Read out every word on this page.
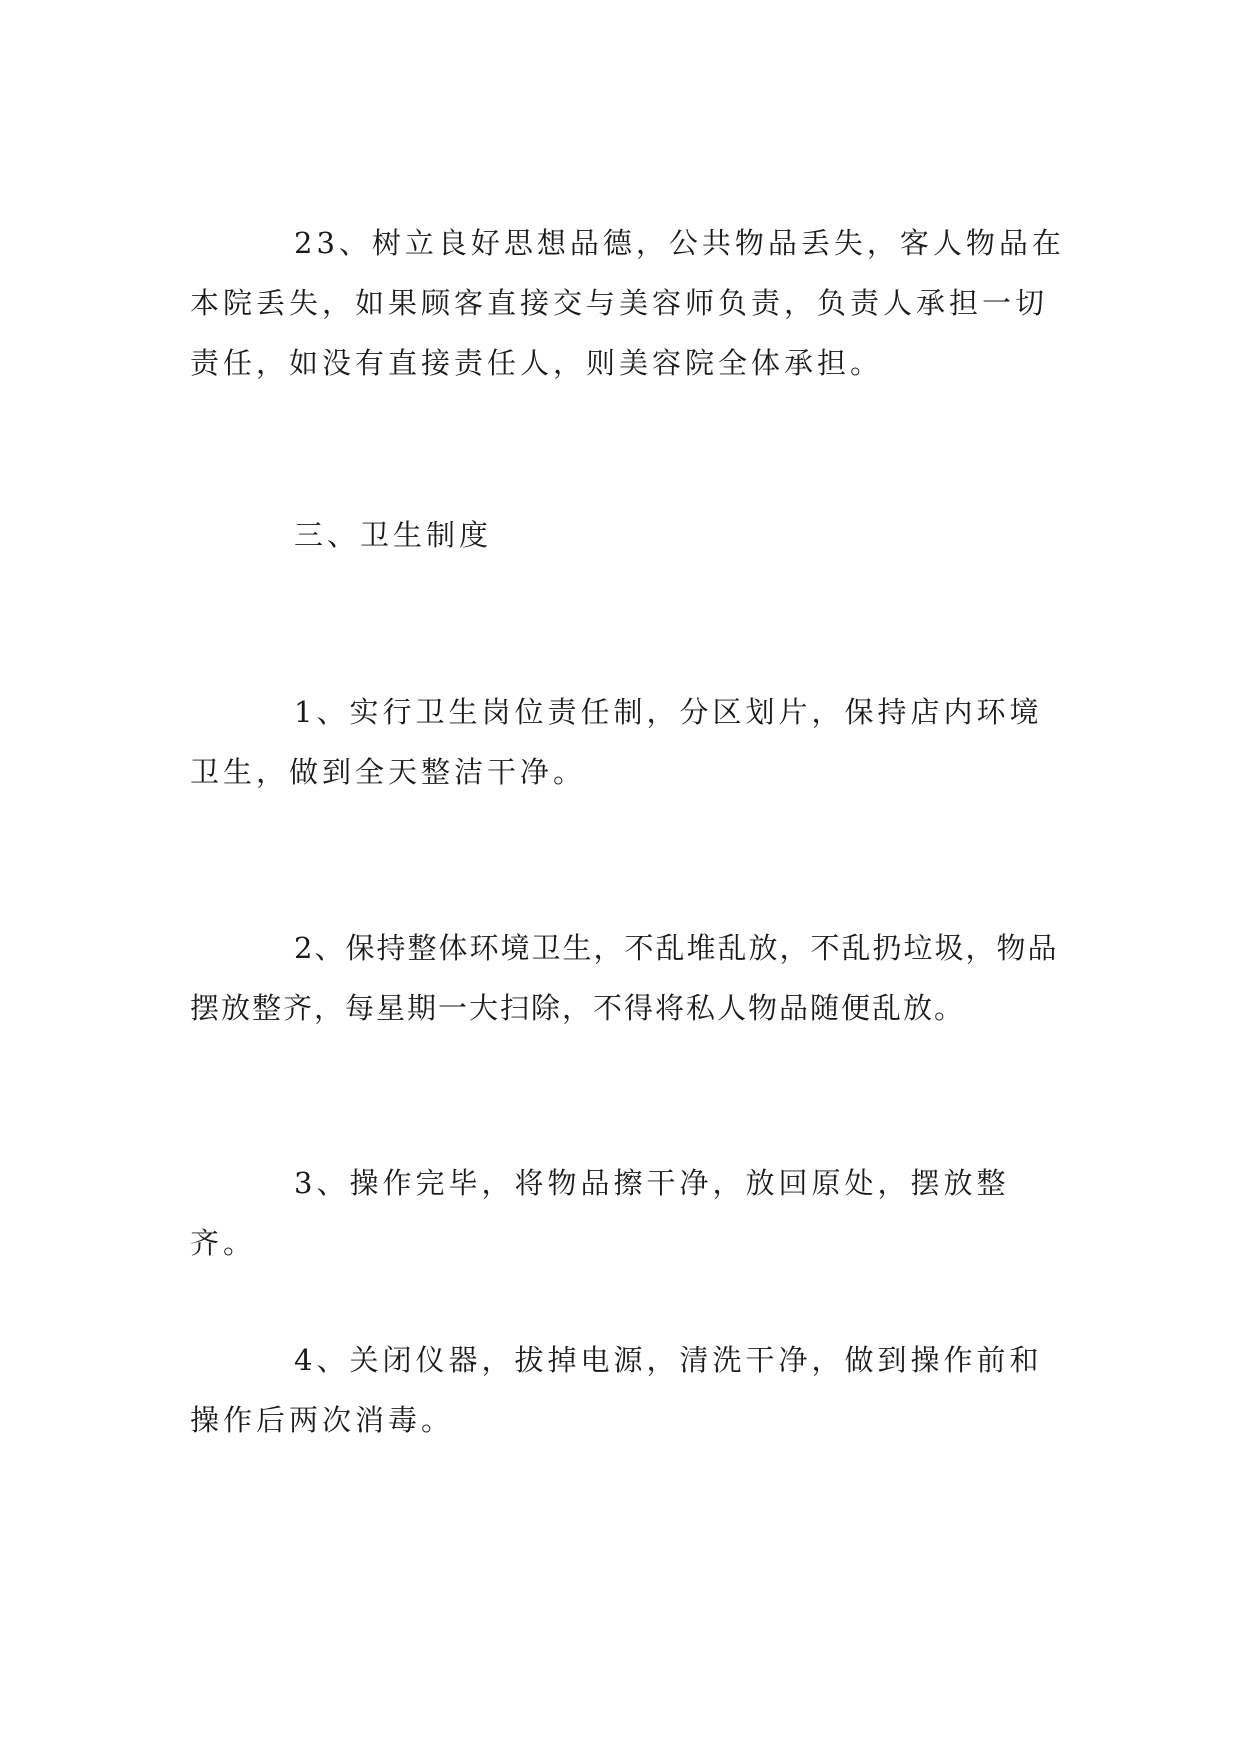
23、树立良好思想品德，公共物品丢失，客人物品在本院丢失，如果顾客直接交与美容师负责，负责人承担一切责任，如没有直接责任人，则美容院全体承担。

三、卫生制度

1、实行卫生岗位责任制，分区划片，保持店内环境卫生，做到全天整洁干净。

2、保持整体环境卫生，不乱堆乱放，不乱扔垃圾，物品摆放整齐，每星期一大扫除，不得将私人物品随便乱放。

3、操作完毕，将物品擦干净，放回原处，摆放整齐。

4、关闭仪器，拔掉电源，清洗干净，做到操作前和操作后两次消毒。
